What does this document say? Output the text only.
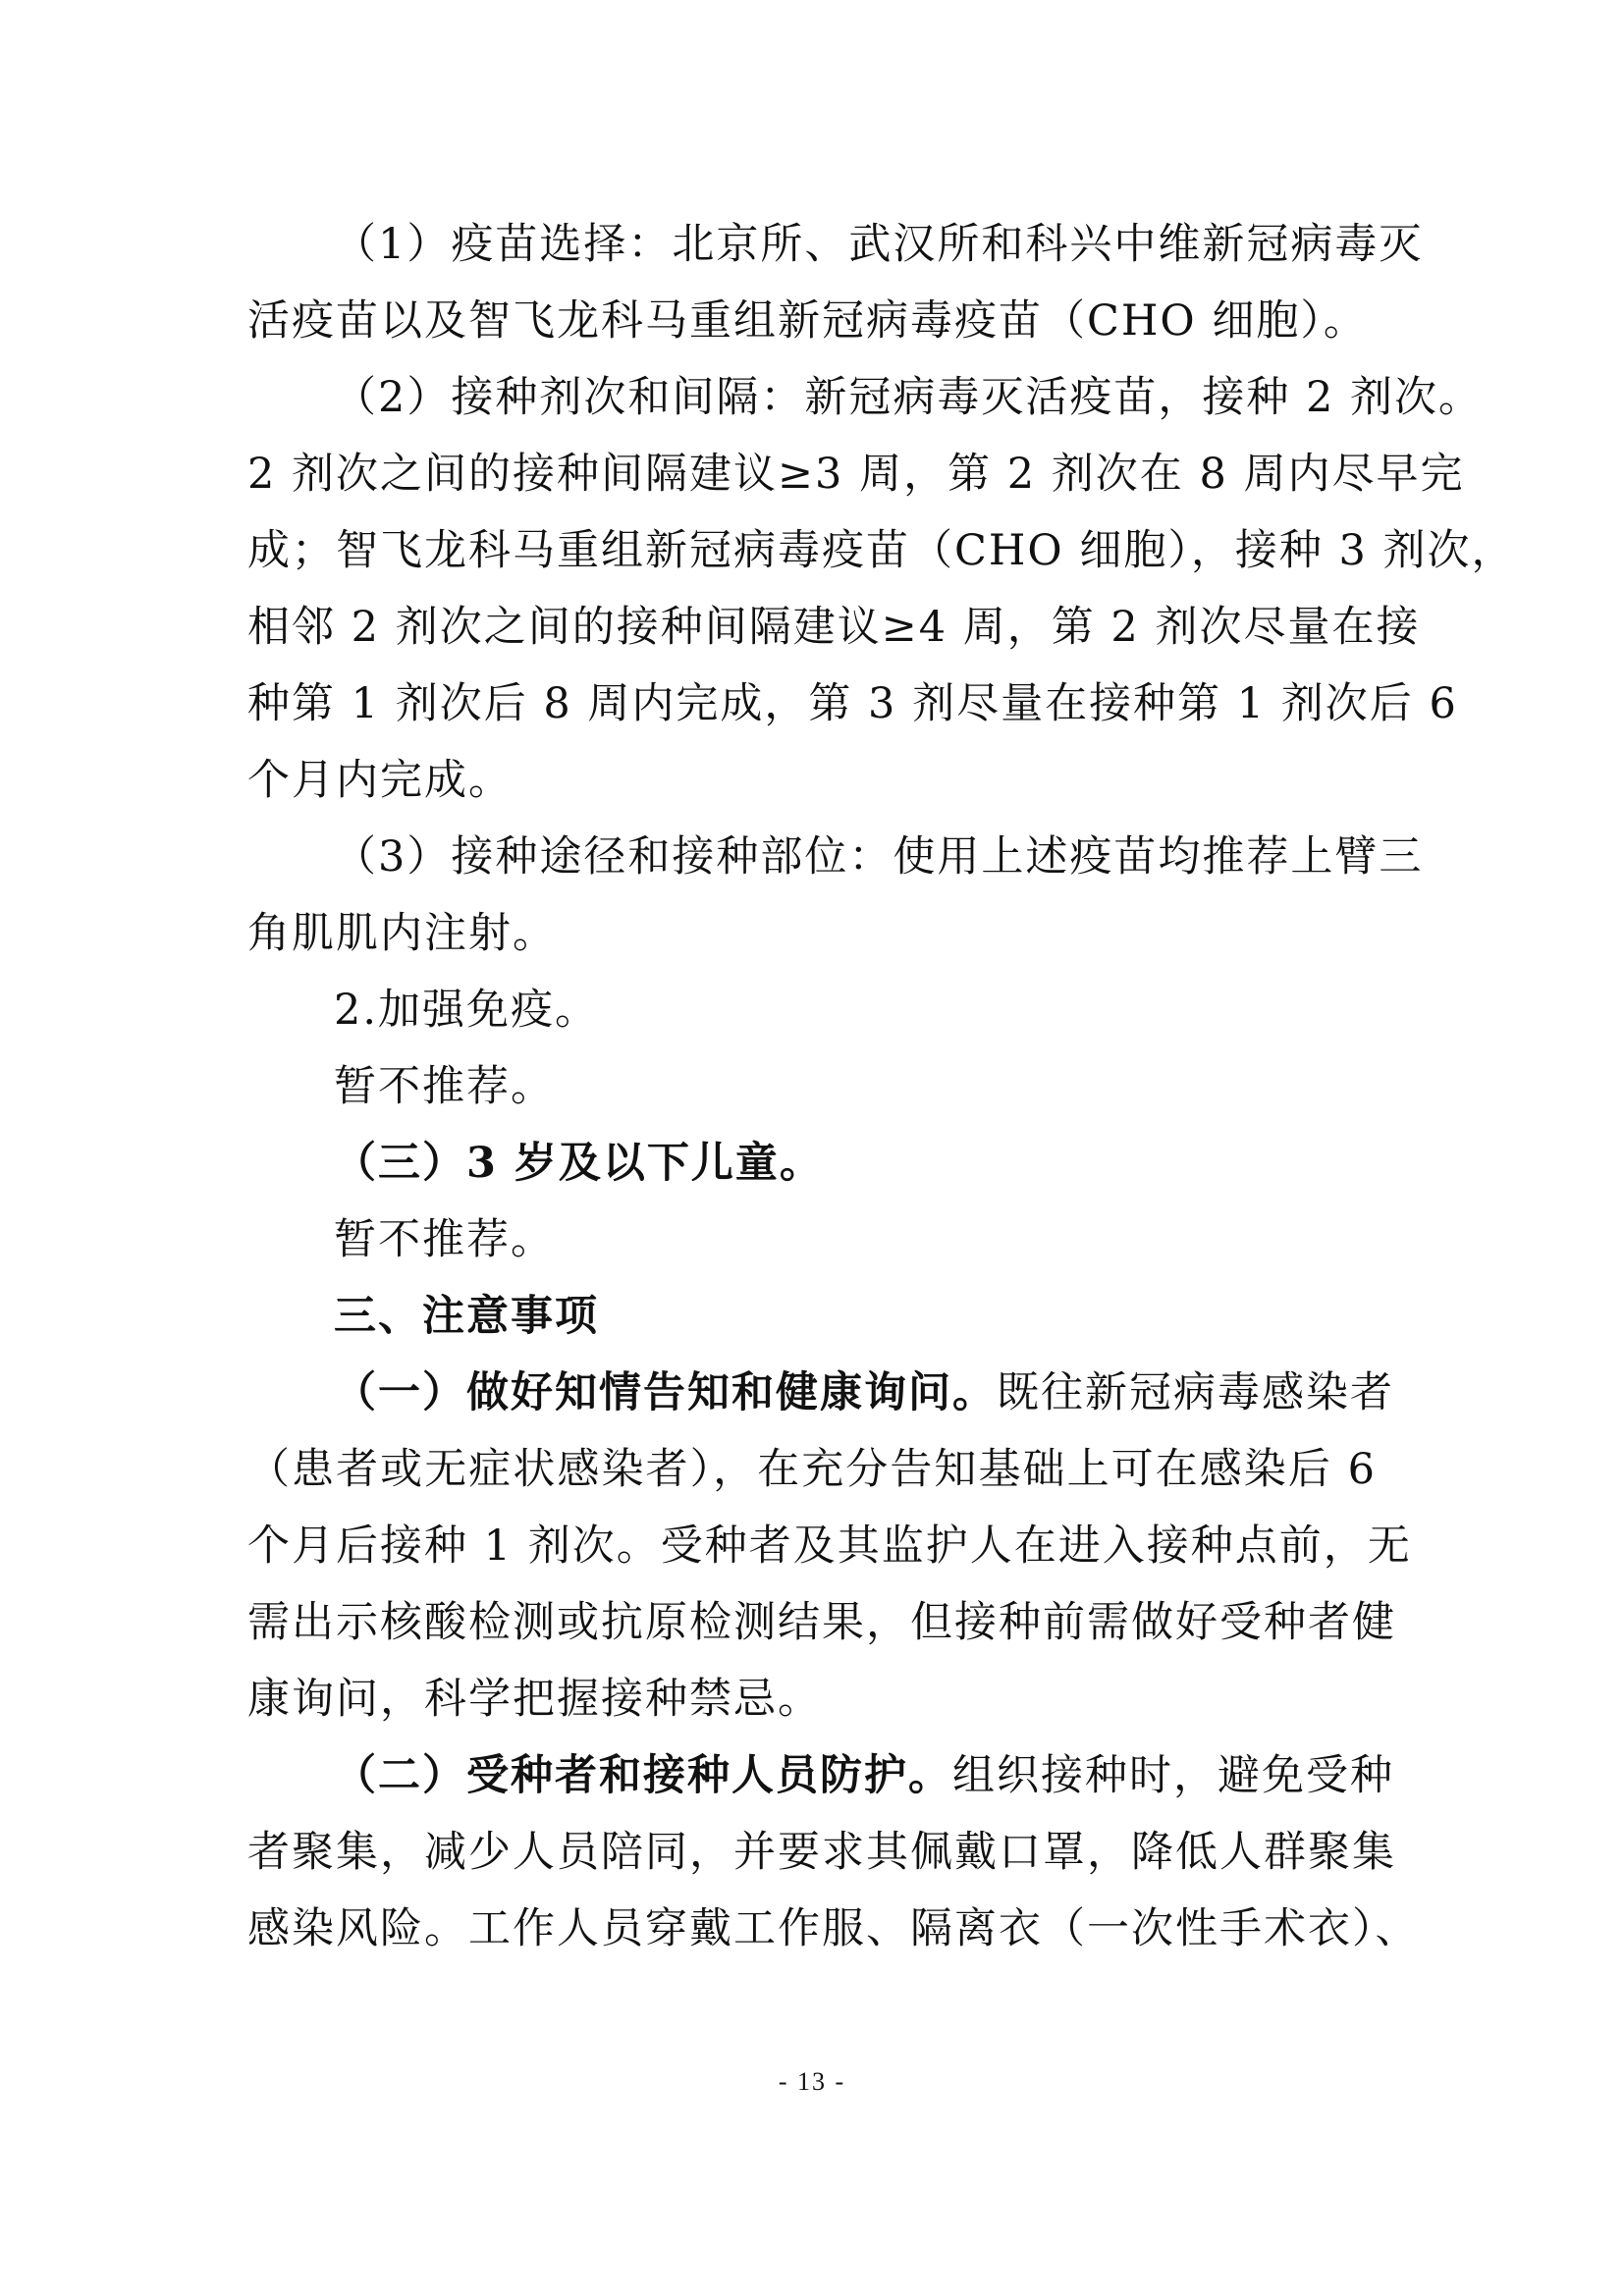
（1）疫苗选择：北京所、武汉所和科兴中维新冠病毒灭
活疫苗以及智飞龙科马重组新冠病毒疫苗（CHO 细胞）。
（2）接种剂次和间隔：新冠病毒灭活疫苗，接种 2 剂次。
2 剂次之间的接种间隔建议≥3 周，第 2 剂次在 8 周内尽早完
成；智飞龙科马重组新冠病毒疫苗（CHO 细胞），接种 3 剂次，
相邻 2 剂次之间的接种间隔建议≥4 周，第 2 剂次尽量在接
种第 1 剂次后 8 周内完成，第 3 剂尽量在接种第 1 剂次后 6
个月内完成。
（3）接种途径和接种部位：使用上述疫苗均推荐上臂三
角肌肌内注射。
2.加强免疫。
暂不推荐。
（三）3 岁及以下儿童。
暂不推荐。
三、注意事项
（一）做好知情告知和健康询问。既往新冠病毒感染者
（患者或无症状感染者），在充分告知基础上可在感染后 6
个月后接种 1 剂次。受种者及其监护人在进入接种点前，无
需出示核酸检测或抗原检测结果，但接种前需做好受种者健
康询问，科学把握接种禁忌。
（二）受种者和接种人员防护。组织接种时，避免受种
者聚集，减少人员陪同，并要求其佩戴口罩，降低人群聚集
感染风险。工作人员穿戴工作服、隔离衣（一次性手术衣）、
- 13 -
